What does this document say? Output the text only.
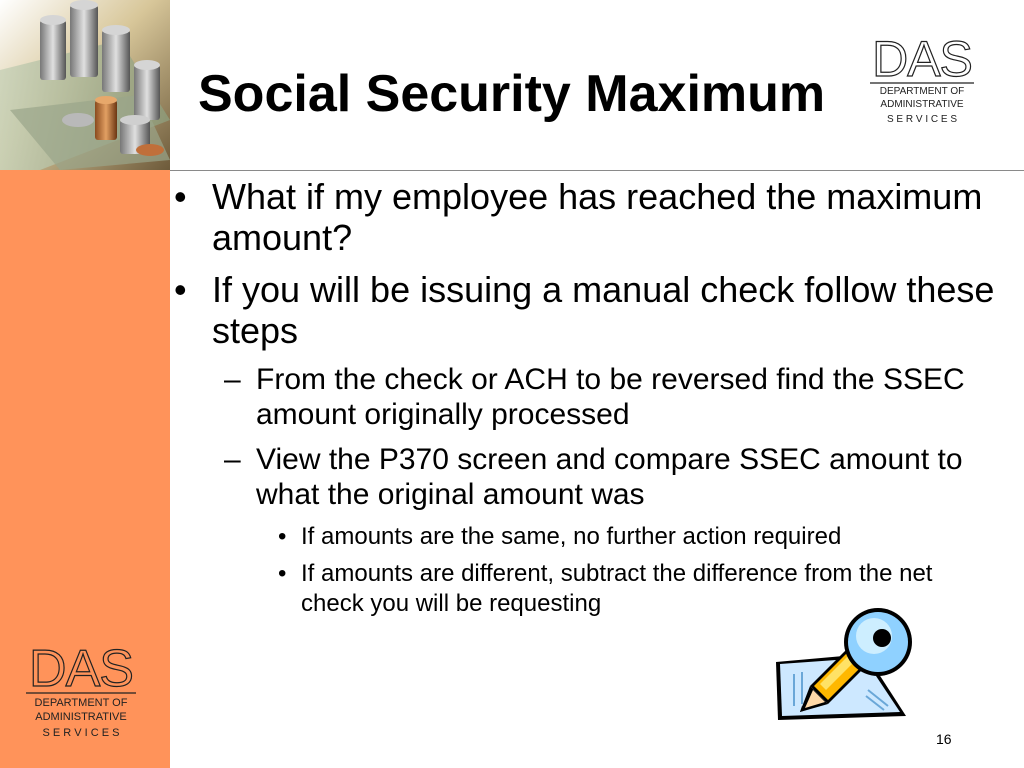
Social Security Maximum
DAS
DEPARTMENT OF
ADMINISTRATIVE
S E R V I C E S
• What if my employee has reached the maximum amount?
• If you will be issuing a manual check follow these steps
– From the check or ACH to be reversed find the SSEC amount originally processed
– View the P370 screen and compare SSEC amount to what the original amount was
• If amounts are the same, no further action required
• If amounts are different, subtract the difference from the net check you will be requesting
DAS
DEPARTMENT OF
ADMINISTRATIVE
S E R V I C E S	16
